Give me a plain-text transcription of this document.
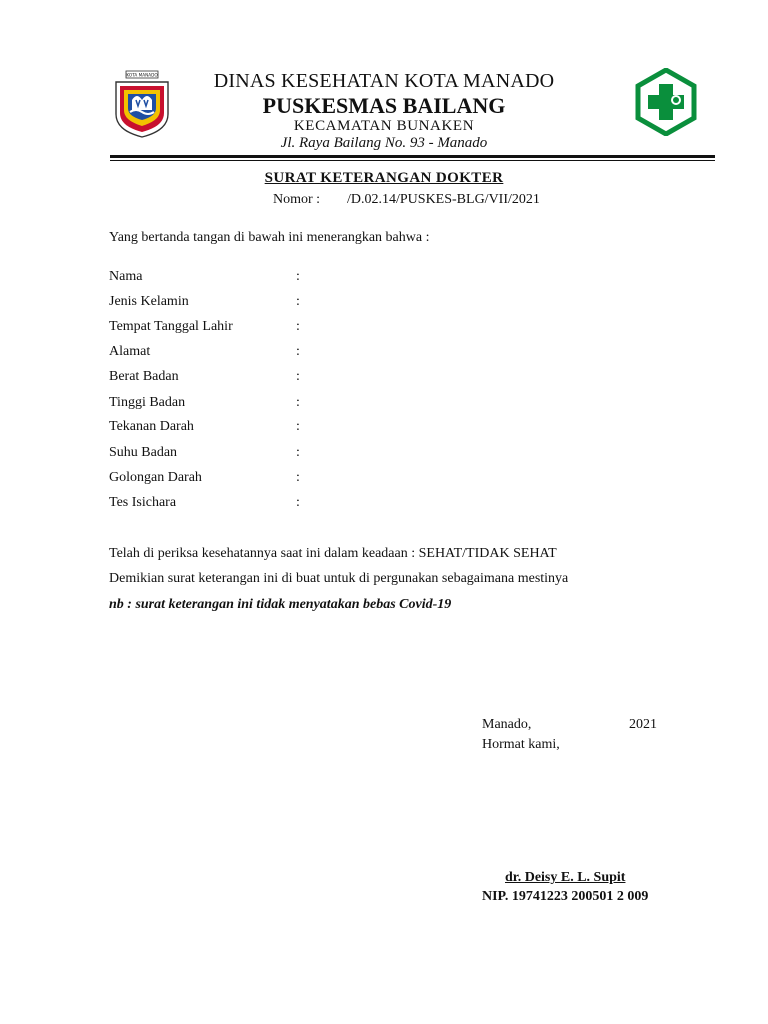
KOTA MANADO	DINAS KESEHATAN KOTA MANADO
PUSKESMAS BAILANG
KECAMATAN BUNAKEN
Jl. Raya Bailang No. 93 - Manado
SURAT KETERANGAN DOKTER
Nomor : /D.02.14/PUSKES-BLG/VII/2021
Yang bertanda tangan di bawah ini menerangkan bahwa :
Nama	:
Jenis Kelamin	:
Tempat Tanggal Lahir	:
Alamat	:
Berat Badan	:
Tinggi Badan	:
Tekanan Darah	:
Suhu Badan	:
Golongan Darah	:
Tes Isichara	:
Telah di periksa kesehatannya saat ini dalam keadaan : SEHAT/TIDAK SEHAT
Demikian surat keterangan ini di buat untuk di pergunakan sebagaimana mestinya
nb : surat keterangan ini tidak menyatakan bebas Covid-19
Manado,	2021
Hormat kami,
dr. Deisy E. L. Supit
NIP. 19741223 200501 2 009
